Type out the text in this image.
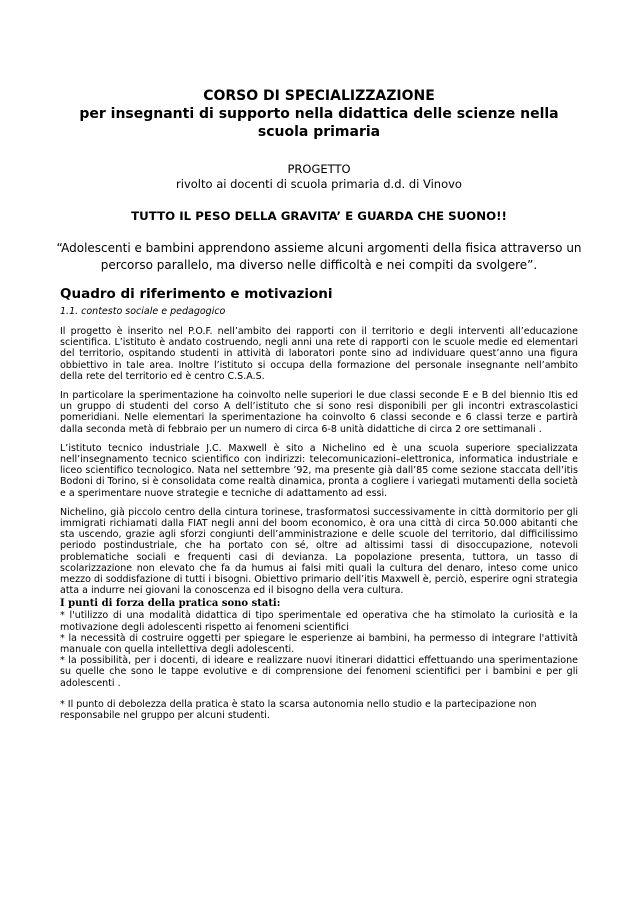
CORSO DI SPECIALIZZAZIONE
per insegnanti di supporto nella didattica delle scienze nella scuola primaria
PROGETTO
rivolto ai docenti di scuola primaria d.d. di Vinovo
TUTTO IL PESO DELLA GRAVITA’ E GUARDA CHE SUONO!!
“Adolescenti e bambini apprendono assieme alcuni argomenti della fisica attraverso un percorso parallelo, ma diverso nelle difficoltà e nei compiti da svolgere”.
Quadro di riferimento e motivazioni
1.1. contesto sociale e pedagogico

Il progetto è inserito nel P.O.F. nell’ambito dei rapporti con il territorio e degli interventi all’educazione scientifica. L’istituto è andato costruendo, negli anni una rete di rapporti con le scuole medie ed elementari del territorio, ospitando studenti in attività di laboratori ponte sino ad individuare quest’anno una figura obbiettivo in tale area. Inoltre l’istituto si occupa della formazione del personale insegnante nell’ambito della rete del territorio ed è centro C.S.A.S.

In particolare la sperimentazione ha coinvolto nelle superiori le due classi seconde E e B del biennio Itis ed un gruppo di studenti del corso A dell’istituto che si sono resi disponibili per gli incontri extrascolastici pomeridiani. Nelle elementari la sperimentazione ha coinvolto 6 classi seconde e 6 classi terze e partirà dalla seconda metà di febbraio per un numero di circa 6-8 unità didattiche di circa 2 ore settimanali .

L’istituto tecnico industriale J.C. Maxwell è sito a Nichelino ed è una scuola superiore specializzata nell’insegnamento tecnico scientifico con indirizzi: telecomunicazioni–elettronica, informatica industriale e liceo scientifico tecnologico. Nata nel settembre ’92, ma presente già dall’85 come sezione staccata dell’itis Bodoni di Torino, si è consolidata come realtà dinamica, pronta a cogliere i variegati mutamenti della società e a sperimentare nuove strategie e tecniche di adattamento ad essi.

Nichelino, già piccolo centro della cintura torinese, trasformatosi successivamente in città dormitorio per gli immigrati richiamati dalla FIAT negli anni del boom economico, è ora una città di circa 50.000 abitanti che sta uscendo, grazie agli sforzi congiunti dell’amministrazione e delle scuole del territorio, dal difficilissimo periodo postindustriale, che ha portato con sé, oltre ad altissimi tassi di disoccupazione, notevoli problematiche sociali e frequenti casi di devianza. La popolazione presenta, tuttora, un tasso di scolarizzazione non elevato che fa da humus ai falsi miti quali la cultura del denaro, inteso come unico mezzo di soddisfazione di tutti i bisogni. Obiettivo primario dell’itis Maxwell è, perciò, esperire ogni strategia atta a indurre nei giovani la conoscenza ed il bisogno della vera cultura.

I punti di forza della pratica sono stati:

* l'utilizzo di una modalità didattica di tipo sperimentale ed operativa che ha stimolato la curiosità e la motivazione degli adolescenti rispetto ai fenomeni scientifici

* la necessità di costruire oggetti per spiegare le esperienze ai bambini, ha permesso di integrare l'attività manuale con quella intellettiva degli adolescenti.

* la possibilità, per i docenti, di ideare e realizzare nuovi itinerari didattici effettuando una sperimentazione su quelle che sono le tappe evolutive e di comprensione dei fenomeni scientifici per i bambini e per gli adolescenti .

* Il punto di debolezza della pratica è stato la scarsa autonomia nello studio e la partecipazione non responsabile nel gruppo per alcuni studenti.
